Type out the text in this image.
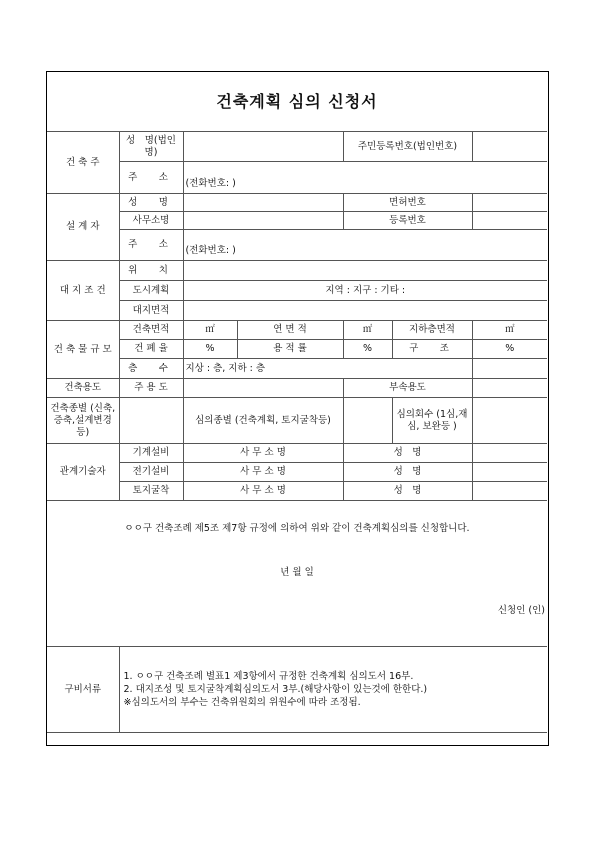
건축계획 심의 신청서						
건 축 주	성　명(법인명)			주민등록번호(법인번호)		
	주　소	(전화번호: )				
설 계 자	성　명			면허번호		
	사무소명			등록번호		
	주　소	(전화번호: )				
대 지 조 건	위　치					
	도시계획	지역 : 지구 : 기타 :				
	대지면적					
건 축 물 규 모	건축면적	㎡	연 면 적	㎡	지하층면적	㎡
	건 폐 율	%	용 적 률	%	구　조	%
	층　수	지상 : 층, 지하 : 층				
건축용도	주 용 도			부속용도		
건축종별 (신축,증축,설계변경등)		심의종별 (건축계획, 토지굴착등)			심의회수 (1심,재심, 보완등 )	
관계기술자	기계설비	사 무 소 명		성　명		
	전기설비	사 무 소 명		성　명		
	토지굴착	사 무 소 명		성　명		

ㅇㅇ구 건축조례 제5조 제7항 규정에 의하여 위와 같이 건축계획심의를 신청합니다.
년 월 일
신청인 (인)						

구비서류	1. ㅇㅇ구 건축조례 별표1 제3항에서 규정한 건축계획 심의도서 16부.
2. 대지조성 및 토지굴착계획심의도서 3부.(해당사항이 있는것에 한한다.)
※심의도서의 부수는 건축위원회의 위원수에 따라 조정됨.					
